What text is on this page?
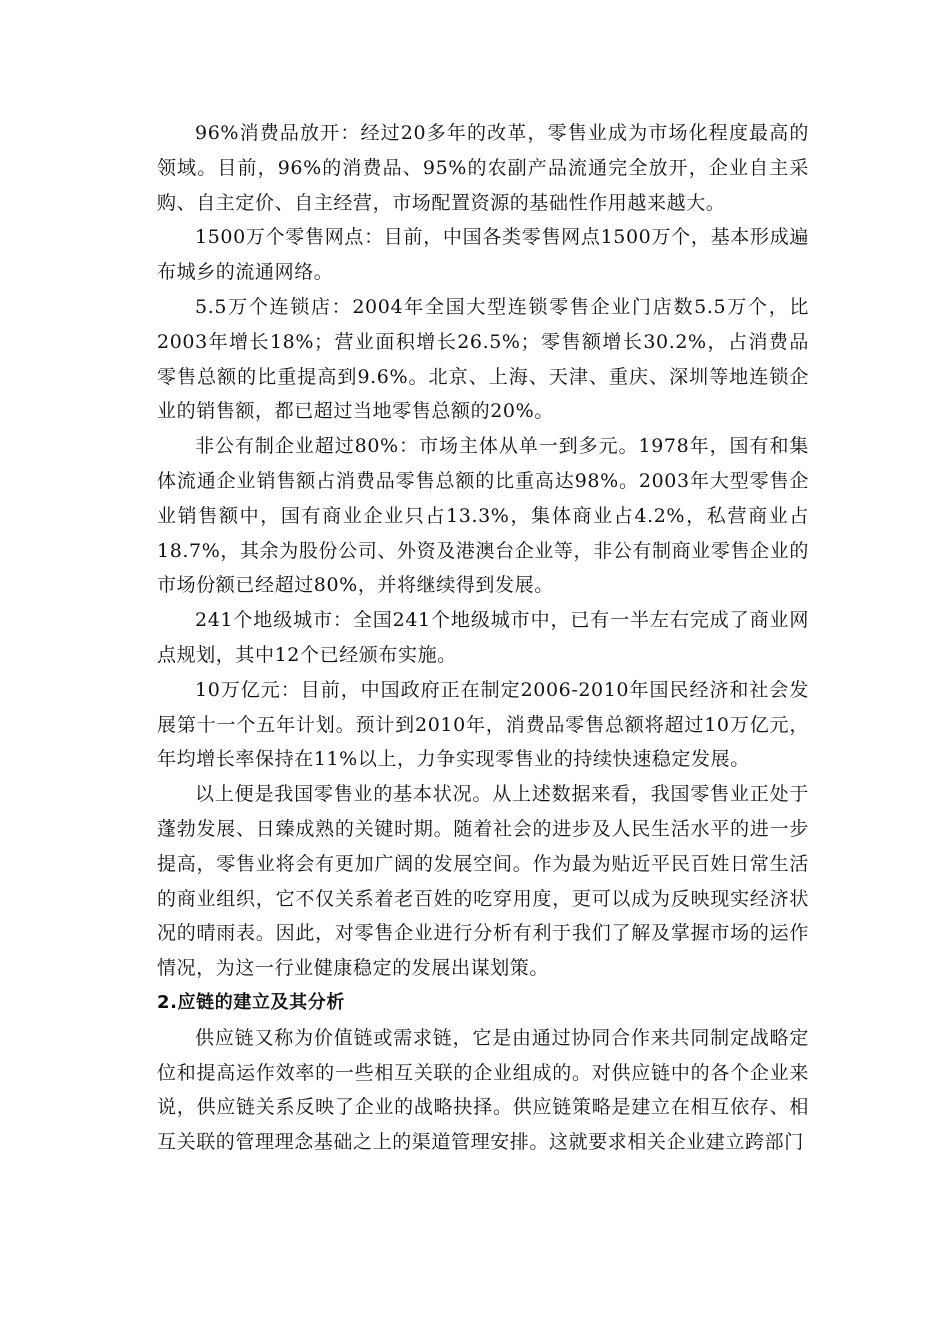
96%消费品放开：经过20多年的改革，零售业成为市场化程度最高的领域。目前，96%的消费品、95%的农副产品流通完全放开，企业自主采购、自主定价、自主经营，市场配置资源的基础性作用越来越大。

1500万个零售网点：目前，中国各类零售网点1500万个，基本形成遍布城乡的流通网络。

5.5万个连锁店：2004年全国大型连锁零售企业门店数5.5万个，比2003年增长18%；营业面积增长26.5%；零售额增长30.2%，占消费品零售总额的比重提高到9.6%。北京、上海、天津、重庆、深圳等地连锁企业的销售额，都已超过当地零售总额的20%。

非公有制企业超过80%：市场主体从单一到多元。1978年，国有和集体流通企业销售额占消费品零售总额的比重高达98%。2003年大型零售企业销售额中，国有商业企业只占13.3%，集体商业占4.2%，私营商业占18.7%，其余为股份公司、外资及港澳台企业等，非公有制商业零售企业的市场份额已经超过80%，并将继续得到发展。

241个地级城市：全国241个地级城市中，已有一半左右完成了商业网点规划，其中12个已经颁布实施。

10万亿元：目前，中国政府正在制定2006-2010年国民经济和社会发展第十一个五年计划。预计到2010年，消费品零售总额将超过10万亿元，年均增长率保持在11%以上，力争实现零售业的持续快速稳定发展。

以上便是我国零售业的基本状况。从上述数据来看，我国零售业正处于蓬勃发展、日臻成熟的关键时期。随着社会的进步及人民生活水平的进一步提高，零售业将会有更加广阔的发展空间。作为最为贴近平民百姓日常生活的商业组织，它不仅关系着老百姓的吃穿用度，更可以成为反映现实经济状况的晴雨表。因此，对零售企业进行分析有利于我们了解及掌握市场的运作情况，为这一行业健康稳定的发展出谋划策。

2.应链的建立及其分析

供应链又称为价值链或需求链，它是由通过协同合作来共同制定战略定位和提高运作效率的一些相互关联的企业组成的。对供应链中的各个企业来说，供应链关系反映了企业的战略抉择。供应链策略是建立在相互依存、相互关联的管理理念基础之上的渠道管理安排。这就要求相关企业建立跨部门
